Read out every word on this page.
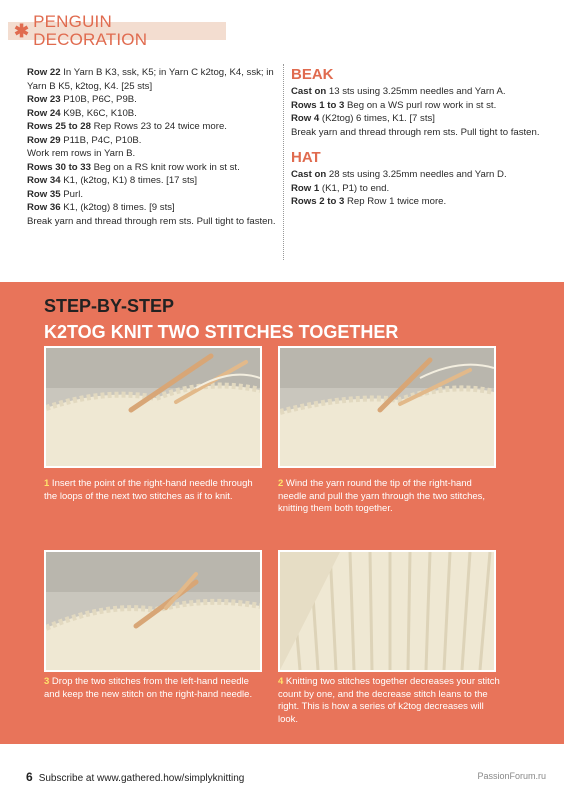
✱ PENGUIN DECORATION
Row 22 In Yarn B K3, ssk, K5; in Yarn C k2tog, K4, ssk; in Yarn B K5, k2tog, K4. [25 sts]
Row 23 P10B, P6C, P9B.
Row 24 K9B, K6C, K10B.
Rows 25 to 28 Rep Rows 23 to 24 twice more.
Row 29 P11B, P4C, P10B.
Work rem rows in Yarn B.
Rows 30 to 33 Beg on a RS knit row work in st st.
Row 34 K1, (k2tog, K1) 8 times. [17 sts]
Row 35 Purl.
Row 36 K1, (k2tog) 8 times. [9 sts]
Break yarn and thread through rem sts. Pull tight to fasten.
BEAK
Cast on 13 sts using 3.25mm needles and Yarn A.
Rows 1 to 3 Beg on a WS purl row work in st st.
Row 4 (K2tog) 6 times, K1. [7 sts]
Break yarn and thread through rem sts. Pull tight to fasten.
HAT
Cast on 28 sts using 3.25mm needles and Yarn D.
Row 1 (K1, P1) to end.
Rows 2 to 3 Rep Row 1 twice more.
STEP-BY-STEP
K2TOG KNIT TWO STITCHES TOGETHER
1 Insert the point of the right-hand needle through the loops of the next two stitches as if to knit.
2 Wind the yarn round the tip of the right-hand needle and pull the yarn through the two stitches, knitting them both together.
3 Drop the two stitches from the left-hand needle and keep the new stitch on the right-hand needle.
4 Knitting two stitches together decreases your stitch count by one, and the decrease stitch leans to the right. This is how a series of k2tog decreases will look.
6 Subscribe at www.gathered.how/simplyknitting	PassionForum.ru
